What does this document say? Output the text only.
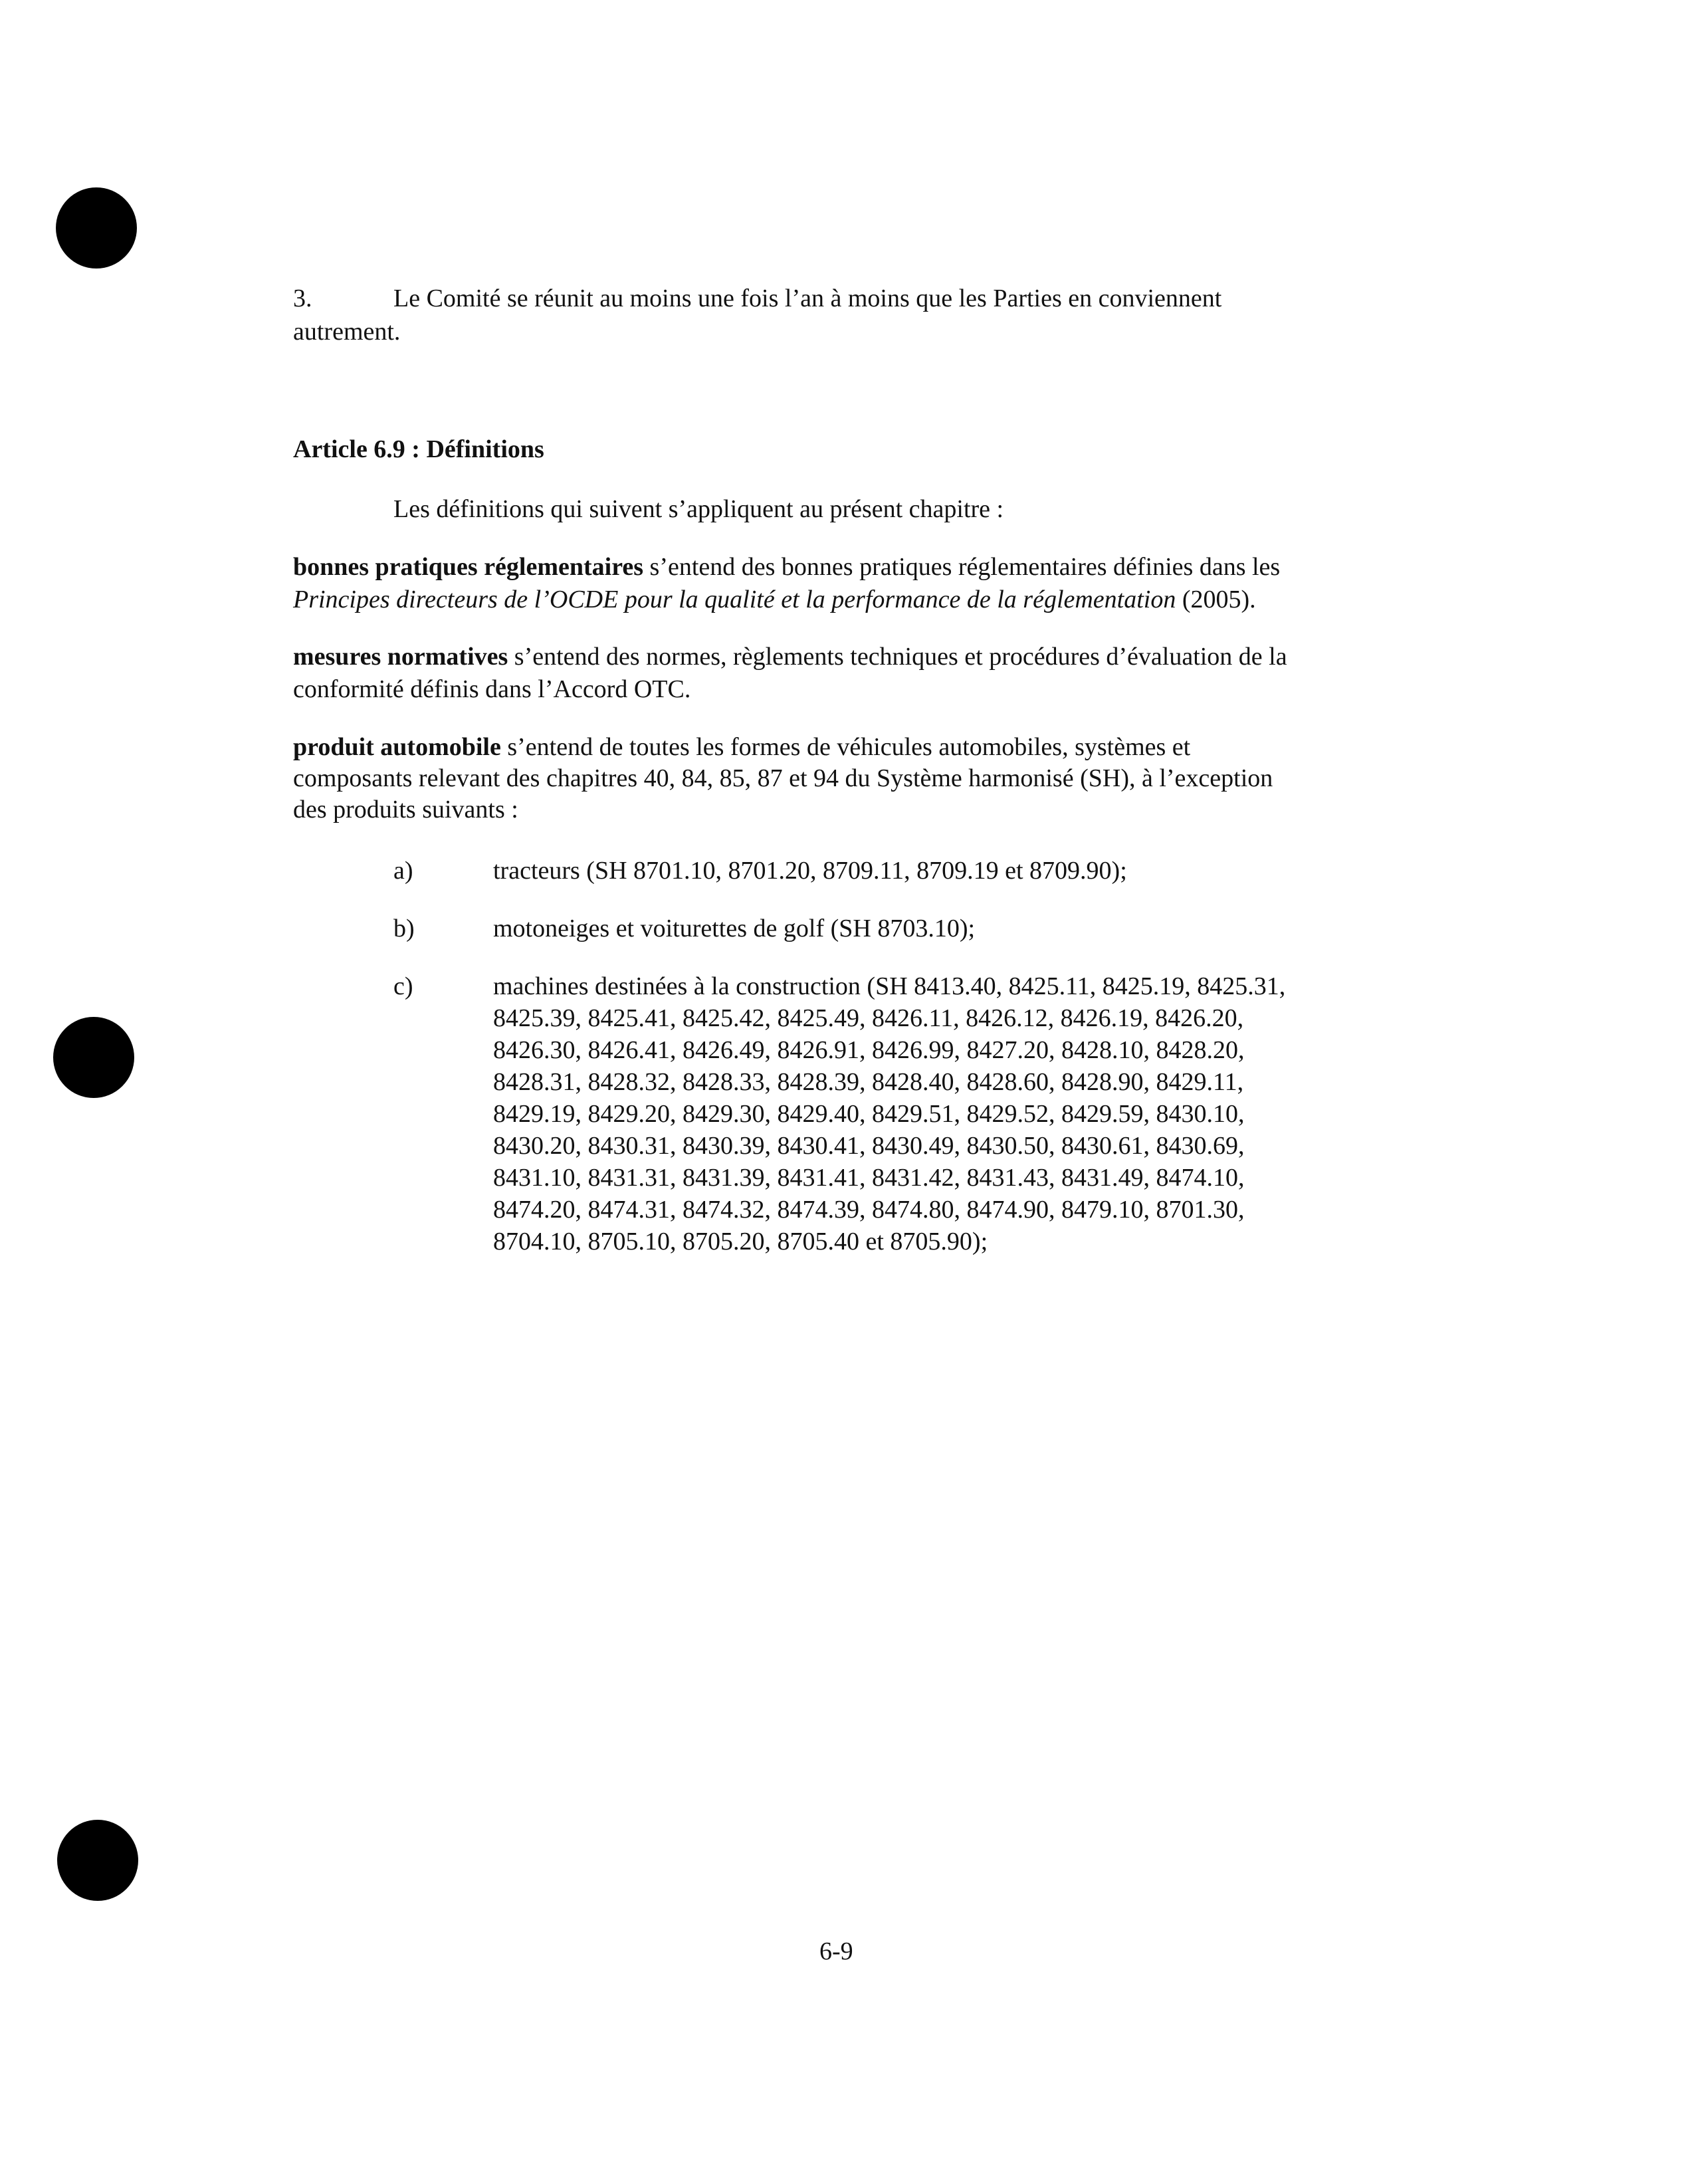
3.	Le Comité se réunit au moins une fois l’an à moins que les Parties en conviennent
autrement.
Article 6.9 : Définitions
Les définitions qui suivent s’appliquent au présent chapitre :
bonnes pratiques réglementaires s’entend des bonnes pratiques réglementaires définies dans les
Principes directeurs de l’OCDE pour la qualité et la performance de la réglementation (2005).
mesures normatives s’entend des normes, règlements techniques et procédures d’évaluation de la
conformité définis dans l’Accord OTC.
produit automobile s’entend de toutes les formes de véhicules automobiles, systèmes et
composants relevant des chapitres 40, 84, 85, 87 et 94 du Système harmonisé (SH), à l’exception
des produits suivants :
a)	tracteurs (SH 8701.10, 8701.20, 8709.11, 8709.19 et 8709.90);
b)	motoneiges et voiturettes de golf (SH 8703.10);
c)	machines destinées à la construction (SH 8413.40, 8425.11, 8425.19, 8425.31,
8425.39, 8425.41, 8425.42, 8425.49, 8426.11, 8426.12, 8426.19, 8426.20,
8426.30, 8426.41, 8426.49, 8426.91, 8426.99, 8427.20, 8428.10, 8428.20,
8428.31, 8428.32, 8428.33, 8428.39, 8428.40, 8428.60, 8428.90, 8429.11,
8429.19, 8429.20, 8429.30, 8429.40, 8429.51, 8429.52, 8429.59, 8430.10,
8430.20, 8430.31, 8430.39, 8430.41, 8430.49, 8430.50, 8430.61, 8430.69,
8431.10, 8431.31, 8431.39, 8431.41, 8431.42, 8431.43, 8431.49, 8474.10,
8474.20, 8474.31, 8474.32, 8474.39, 8474.80, 8474.90, 8479.10, 8701.30,
8704.10, 8705.10, 8705.20, 8705.40 et 8705.90);
6-9
